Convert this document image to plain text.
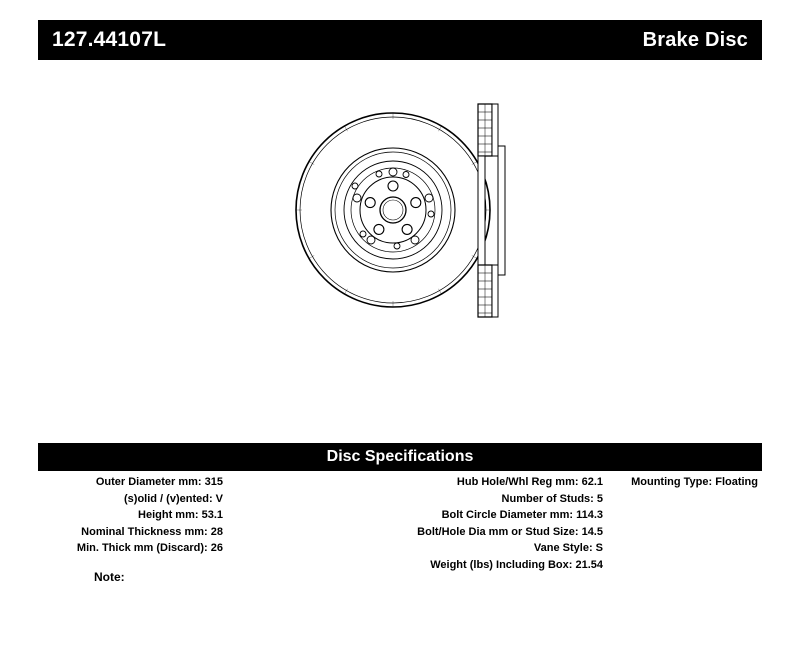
127.44107L	Brake Disc
Disc Specifications
Outer Diameter mm: 315
(s)olid / (v)ented: V
Height mm: 53.1
Nominal Thickness mm: 28
Min. Thick mm (Discard): 26
Hub Hole/Whl Reg mm: 62.1
Number of Studs: 5
Bolt Circle Diameter mm: 114.3
Bolt/Hole Dia mm or Stud Size: 14.5
Vane Style: S
Weight (lbs) Including Box: 21.54
Mounting Type: Floating
Note:
